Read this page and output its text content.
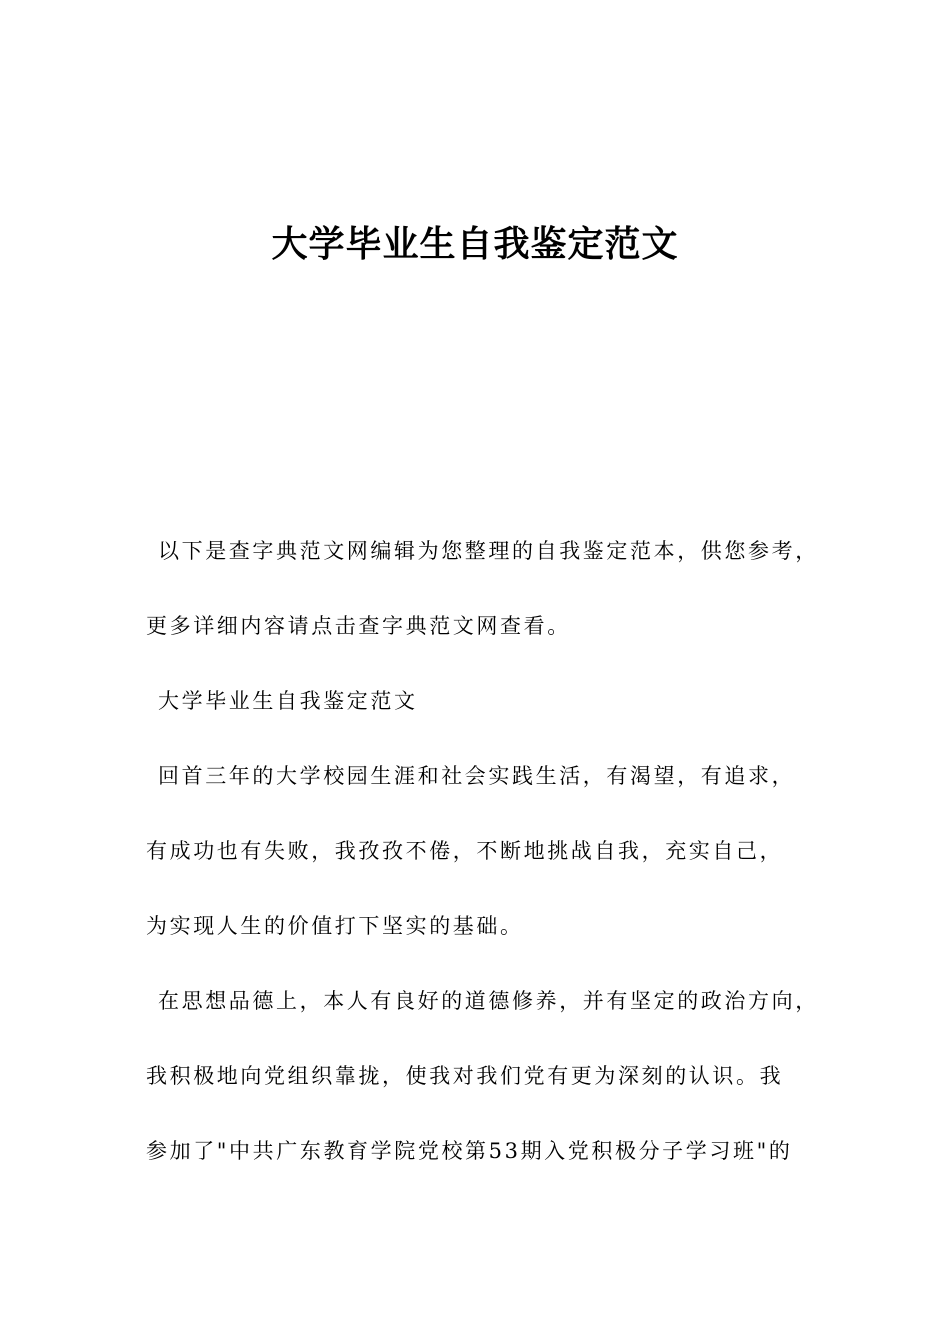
大学毕业生自我鉴定范文

以下是查字典范文网编辑为您整理的自我鉴定范本，供您参考，

更多详细内容请点击查字典范文网查看。

大学毕业生自我鉴定范文

回首三年的大学校园生涯和社会实践生活，有渴望，有追求，

有成功也有失败，我孜孜不倦，不断地挑战自我，充实自己，

为实现人生的价值打下坚实的基础。

在思想品德上，本人有良好的道德修养，并有坚定的政治方向，

我积极地向党组织靠拢，使我对我们党有更为深刻的认识。我

参加了"中共广东教育学院党校第53期入党积极分子学习班"的
